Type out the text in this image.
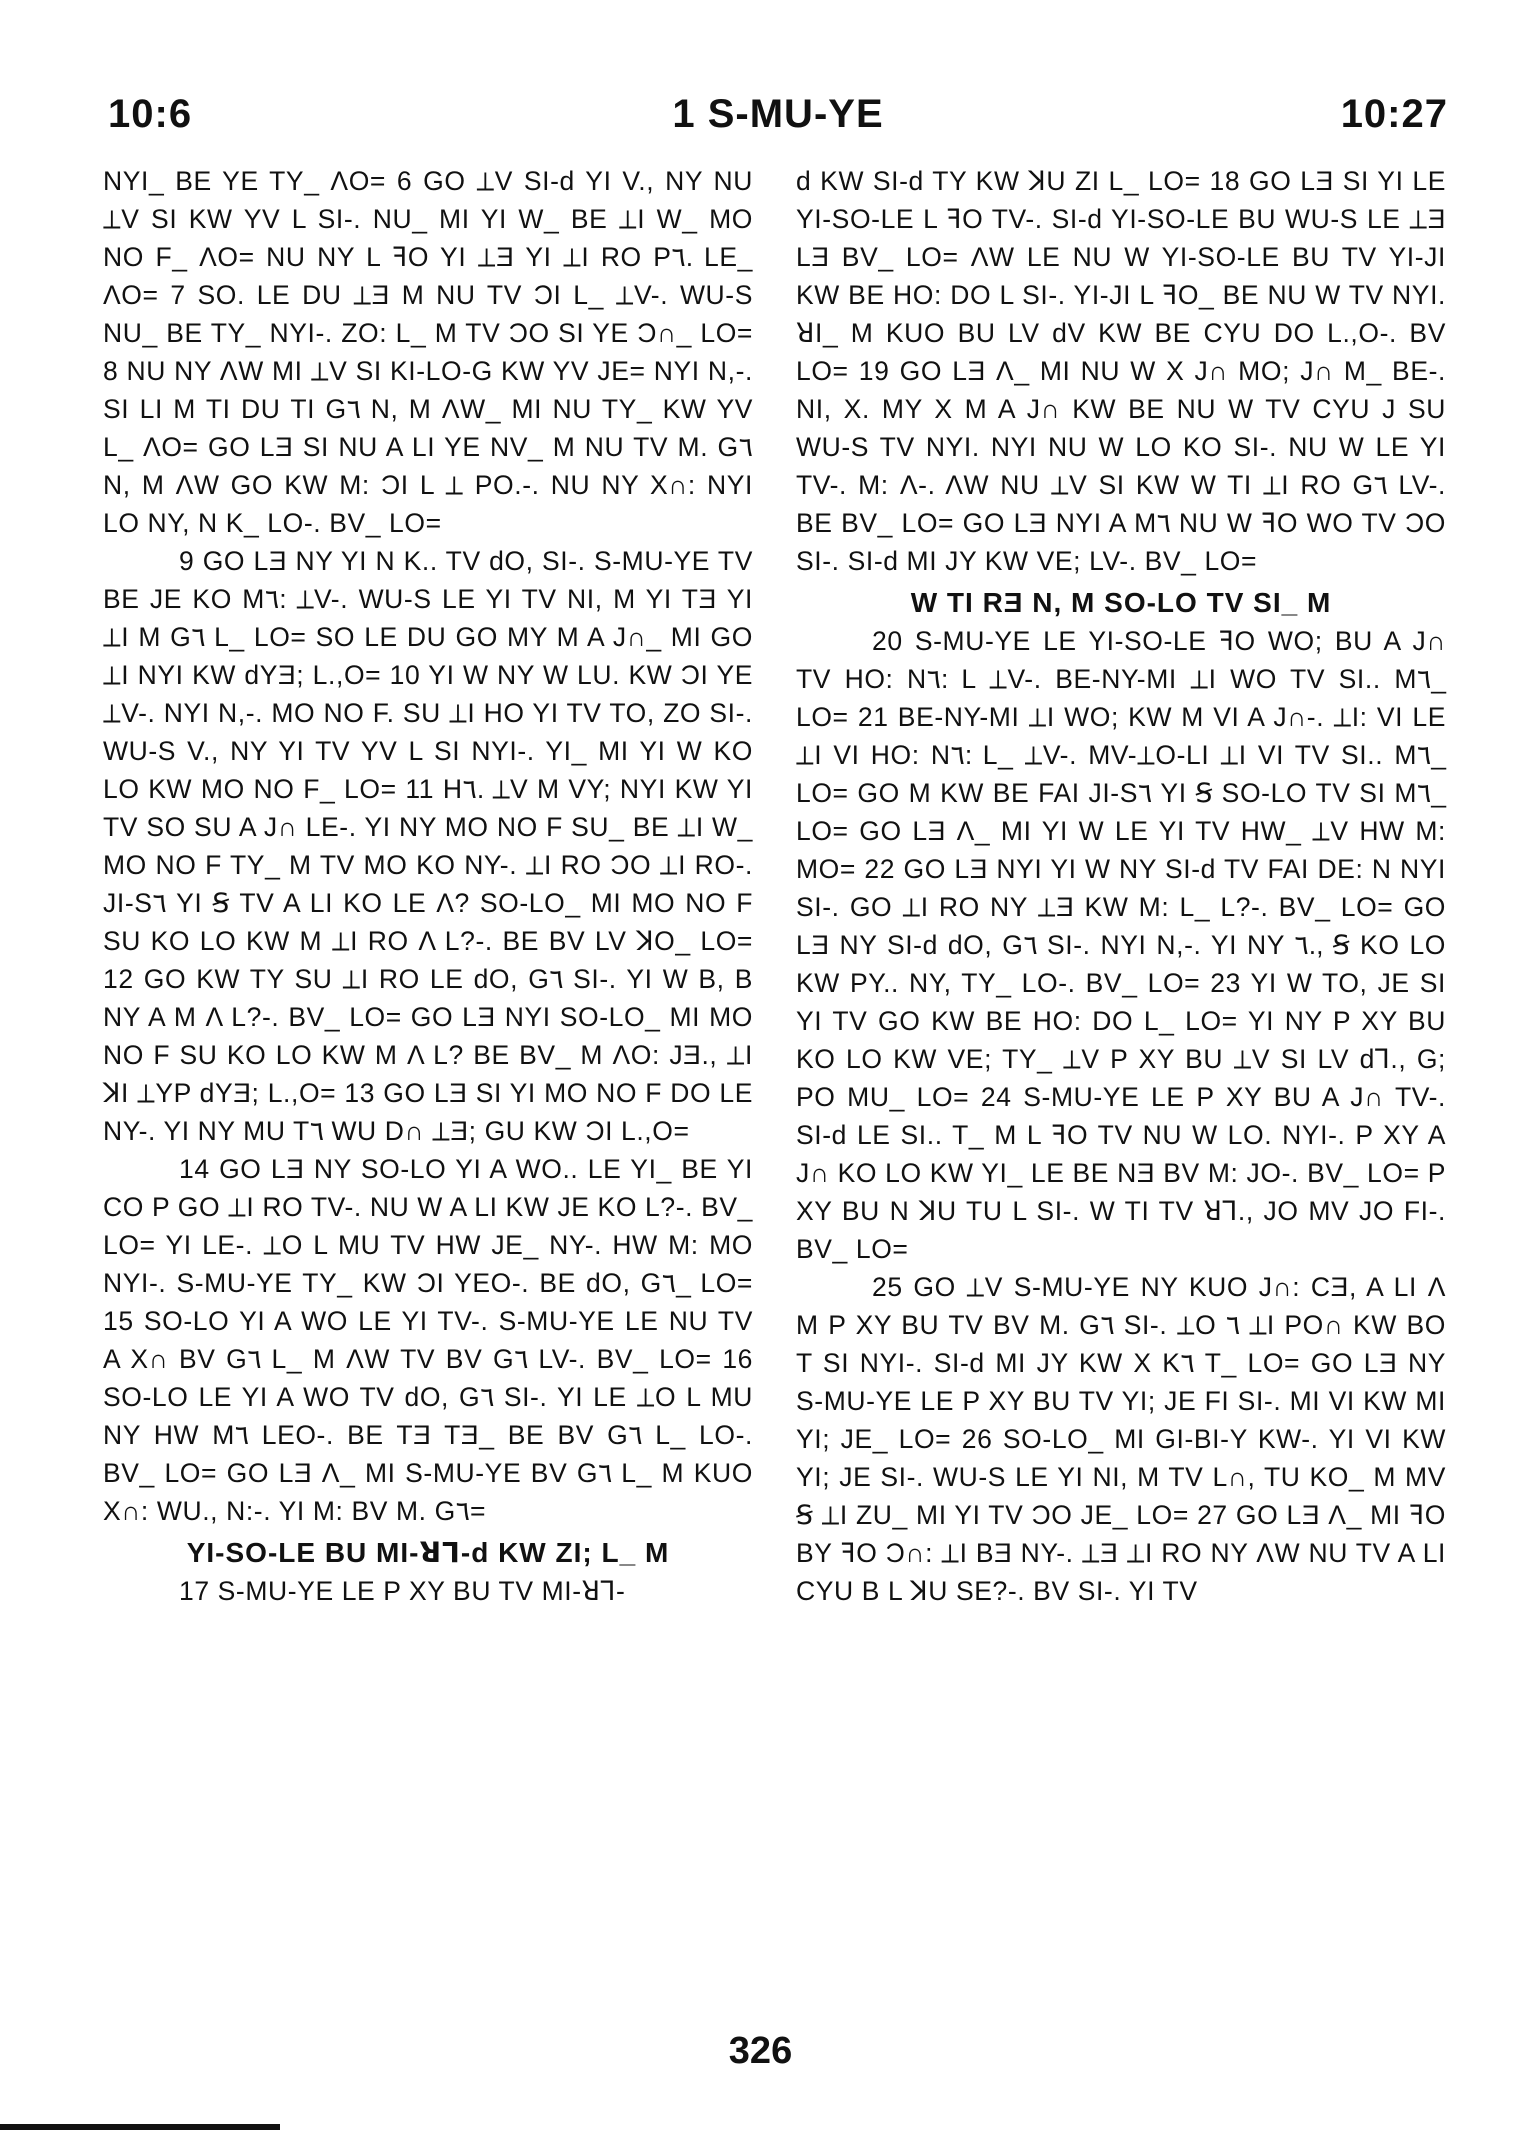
10:6	1 S-MU-YE	10:27

NYI_ BE YE TY_ ΛO= 6 GO ⟂V SI-d YI V., NY NU ⟂V SI KW YV L SI-. NU_ MI YI W_ BE ⟂I W_ MO NO F_ ΛO= NU NY L ꟻO YI ⟂Ǝ YI ⟂I RO P٦. LE_ ΛO= 7 SO. LE DU ⟂Ǝ M NU TV ƆI L_ ⟂V-. WU-S NU_ BE TY_ NYI-. ZO: L_ M TV ƆO SI YE Ɔ∩_ LO= 8 NU NY ΛW MI ⟂V SI KI-LO-G KW YV JE= NYI N,-. SI LI M TI DU TI G٦ N, M ΛW_ MI NU TY_ KW YV L_ ΛO= GO LƎ SI NU A LI YE NV_ M NU TV M. G٦ N, M ΛW GO KW M: ƆI L ⟂ PO.-. NU NY X∩: NYI LO NY, N K_ LO-. BV_ LO=

9 GO LƎ NY YI N K.. TV dO, SI-. S-MU-YE TV BE JE KO M٦: ⟂V-. WU-S LE YI TV NI, M YI TƎ YI ⟂I M G٦ L_ LO= SO LE DU GO MY M A J∩_ MI GO ⟂I NYI KW dYƎ; L.,O= 10 YI W NY W LU. KW ƆI YE ⟂V-. NYI N,-. MO NO F. SU ⟂I HO YI TV TO, ZO SI-. WU-S V., NY YI TV YV L SI NYI-. YI_ MI YI W KO LO KW MO NO F_ LO= 11 H٦. ⟂V M VY; NYI KW YI TV SO SU A J∩ LE-. YI NY MO NO F SU_ BE ⟂I W_ MO NO F TY_ M TV MO KO NY-. ⟂I RO ƆO ⟂I RO-. JI-S٦ YI Ꞩ TV A LI KO LE Λ? SO-LO_ MI MO NO F SU KO LO KW M ⟂I RO Λ L?-. BE BV LV ꓘO_ LO= 12 GO KW TY SU ⟂I RO LE dO, G٦ SI-. YI W B, B NY A M Λ L?-. BV_ LO= GO LƎ NYI SO-LO_ MI MO NO F SU KO LO KW M Λ L? BE BV_ M ΛO: JƎ., ⟂I ꓘI ⟂YP dYƎ; L.,O= 13 GO LƎ SI YI MO NO F DO LE NY-. YI NY MU T٦ WU D∩ ⟂Ǝ; GU KW ƆI L.,O=

14 GO LƎ NY SO-LO YI A WO.. LE YI_ BE YI CO P GO ⟂I RO TV-. NU W A LI KW JE KO L?-. BV_ LO= YI LE-. ⟂O L MU TV HW JE_ NY-. HW M: MO NYI-. S-MU-YE TY_ KW ƆI YEO-. BE dO, G٦_ LO= 15 SO-LO YI A WO LE YI TV-. S-MU-YE LE NU TV A X∩ BV G٦ L_ M ΛW TV BV G٦ LV-. BV_ LO= 16 SO-LO LE YI A WO TV dO, G٦ SI-. YI LE ⟂O L MU NY HW M٦ LEO-. BE TƎ TƎ_ BE BV G٦ L_ LO-. BV_ LO= GO LƎ Λ_ MI S-MU-YE BV G٦ L_ M KUO X∩: WU., N:-. YI M: BV M. G٦=

YI-SO-LE BU MI-ꓤꞀ-d KW ZI; L_ M

17 S-MU-YE LE P XY BU TV MI-ꓤꞀ-

d KW SI-d TY KW ꓘU ZI L_ LO= 18 GO LƎ SI YI LE YI-SO-LE L ꟻO TV-. SI-d YI-SO-LE BU WU-S LE ⟂Ǝ LƎ BV_ LO= ΛW LE NU W YI-SO-LE BU TV YI-JI KW BE HO: DO L SI-. YI-JI L ꟻO_ BE NU W TV NYI. ꓤI_ M KUO BU LV dV KW BE CYU DO L.,O-. BV LO= 19 GO LƎ Λ_ MI NU W X J∩ MO; J∩ M_ BE-. NI, X. MY X M A J∩ KW BE NU W TV CYU J SU WU-S TV NYI. NYI NU W LO KO SI-. NU W LE YI TV-. M: Λ-. ΛW NU ⟂V SI KW W TI ⟂I RO G٦ LV-. BE BV_ LO= GO LƎ NYI A M٦ NU W ꟻO WO TV ƆO SI-. SI-d MI JY KW VE; LV-. BV_ LO=

W TI RƎ N, M SO-LO TV SI_ M

20 S-MU-YE LE YI-SO-LE ꟻO WO; BU A J∩ TV HO: N٦: L ⟂V-. BE-NY-MI ⟂I WO TV SI.. M٦_ LO= 21 BE-NY-MI ⟂I WO; KW M VI A J∩-. ⟂I: VI LE ⟂I VI HO: N٦: L_ ⟂V-. MV-⟂O-LI ⟂I VI TV SI.. M٦_ LO= GO M KW BE FAI JI-S٦ YI Ꞩ SO-LO TV SI M٦_ LO= GO LƎ Λ_ MI YI W LE YI TV HW_ ⟂V HW M: MO= 22 GO LƎ NYI YI W NY SI-d TV FAI DE: N NYI SI-. GO ⟂I RO NY ⟂Ǝ KW M: L_ L?-. BV_ LO= GO LƎ NY SI-d dO, G٦ SI-. NYI N,-. YI NY ٦., Ꞩ KO LO KW PY.. NY, TY_ LO-. BV_ LO= 23 YI W TO, JE SI YI TV GO KW BE HO: DO L_ LO= YI NY P XY BU KO LO KW VE; TY_ ⟂V P XY BU ⟂V SI LV dꞀ., G; PO MU_ LO= 24 S-MU-YE LE P XY BU A J∩ TV-. SI-d LE SI.. T_ M L ꟻO TV NU W LO. NYI-. P XY A J∩ KO LO KW YI_ LE BE NƎ BV M: JO-. BV_ LO= P XY BU N ꓘU TU L SI-. W TI TV ꓤꞀ., JO MV JO FI-. BV_ LO=

25 GO ⟂V S-MU-YE NY KUO J∩: CƎ, A LI Λ M P XY BU TV BV M. G٦ SI-. ⟂O ٦ ⟂I PO∩ KW BO T SI NYI-. SI-d MI JY KW X K٦ T_ LO= GO LƎ NY S-MU-YE LE P XY BU TV YI; JE FI SI-. MI VI KW MI YI; JE_ LO= 26 SO-LO_ MI GI-BI-Y KW-. YI VI KW YI; JE SI-. WU-S LE YI NI, M TV L∩, TU KO_ M MV Ꞩ ⟂I ZU_ MI YI TV ƆO JE_ LO= 27 GO LƎ Λ_ MI ꟻO BY ꟻO Ɔ∩: ⟂I BƎ NY-. ⟂Ǝ ⟂I RO NY ΛW NU TV A LI CYU B L ꓘU SE?-. BV SI-. YI TV

326
